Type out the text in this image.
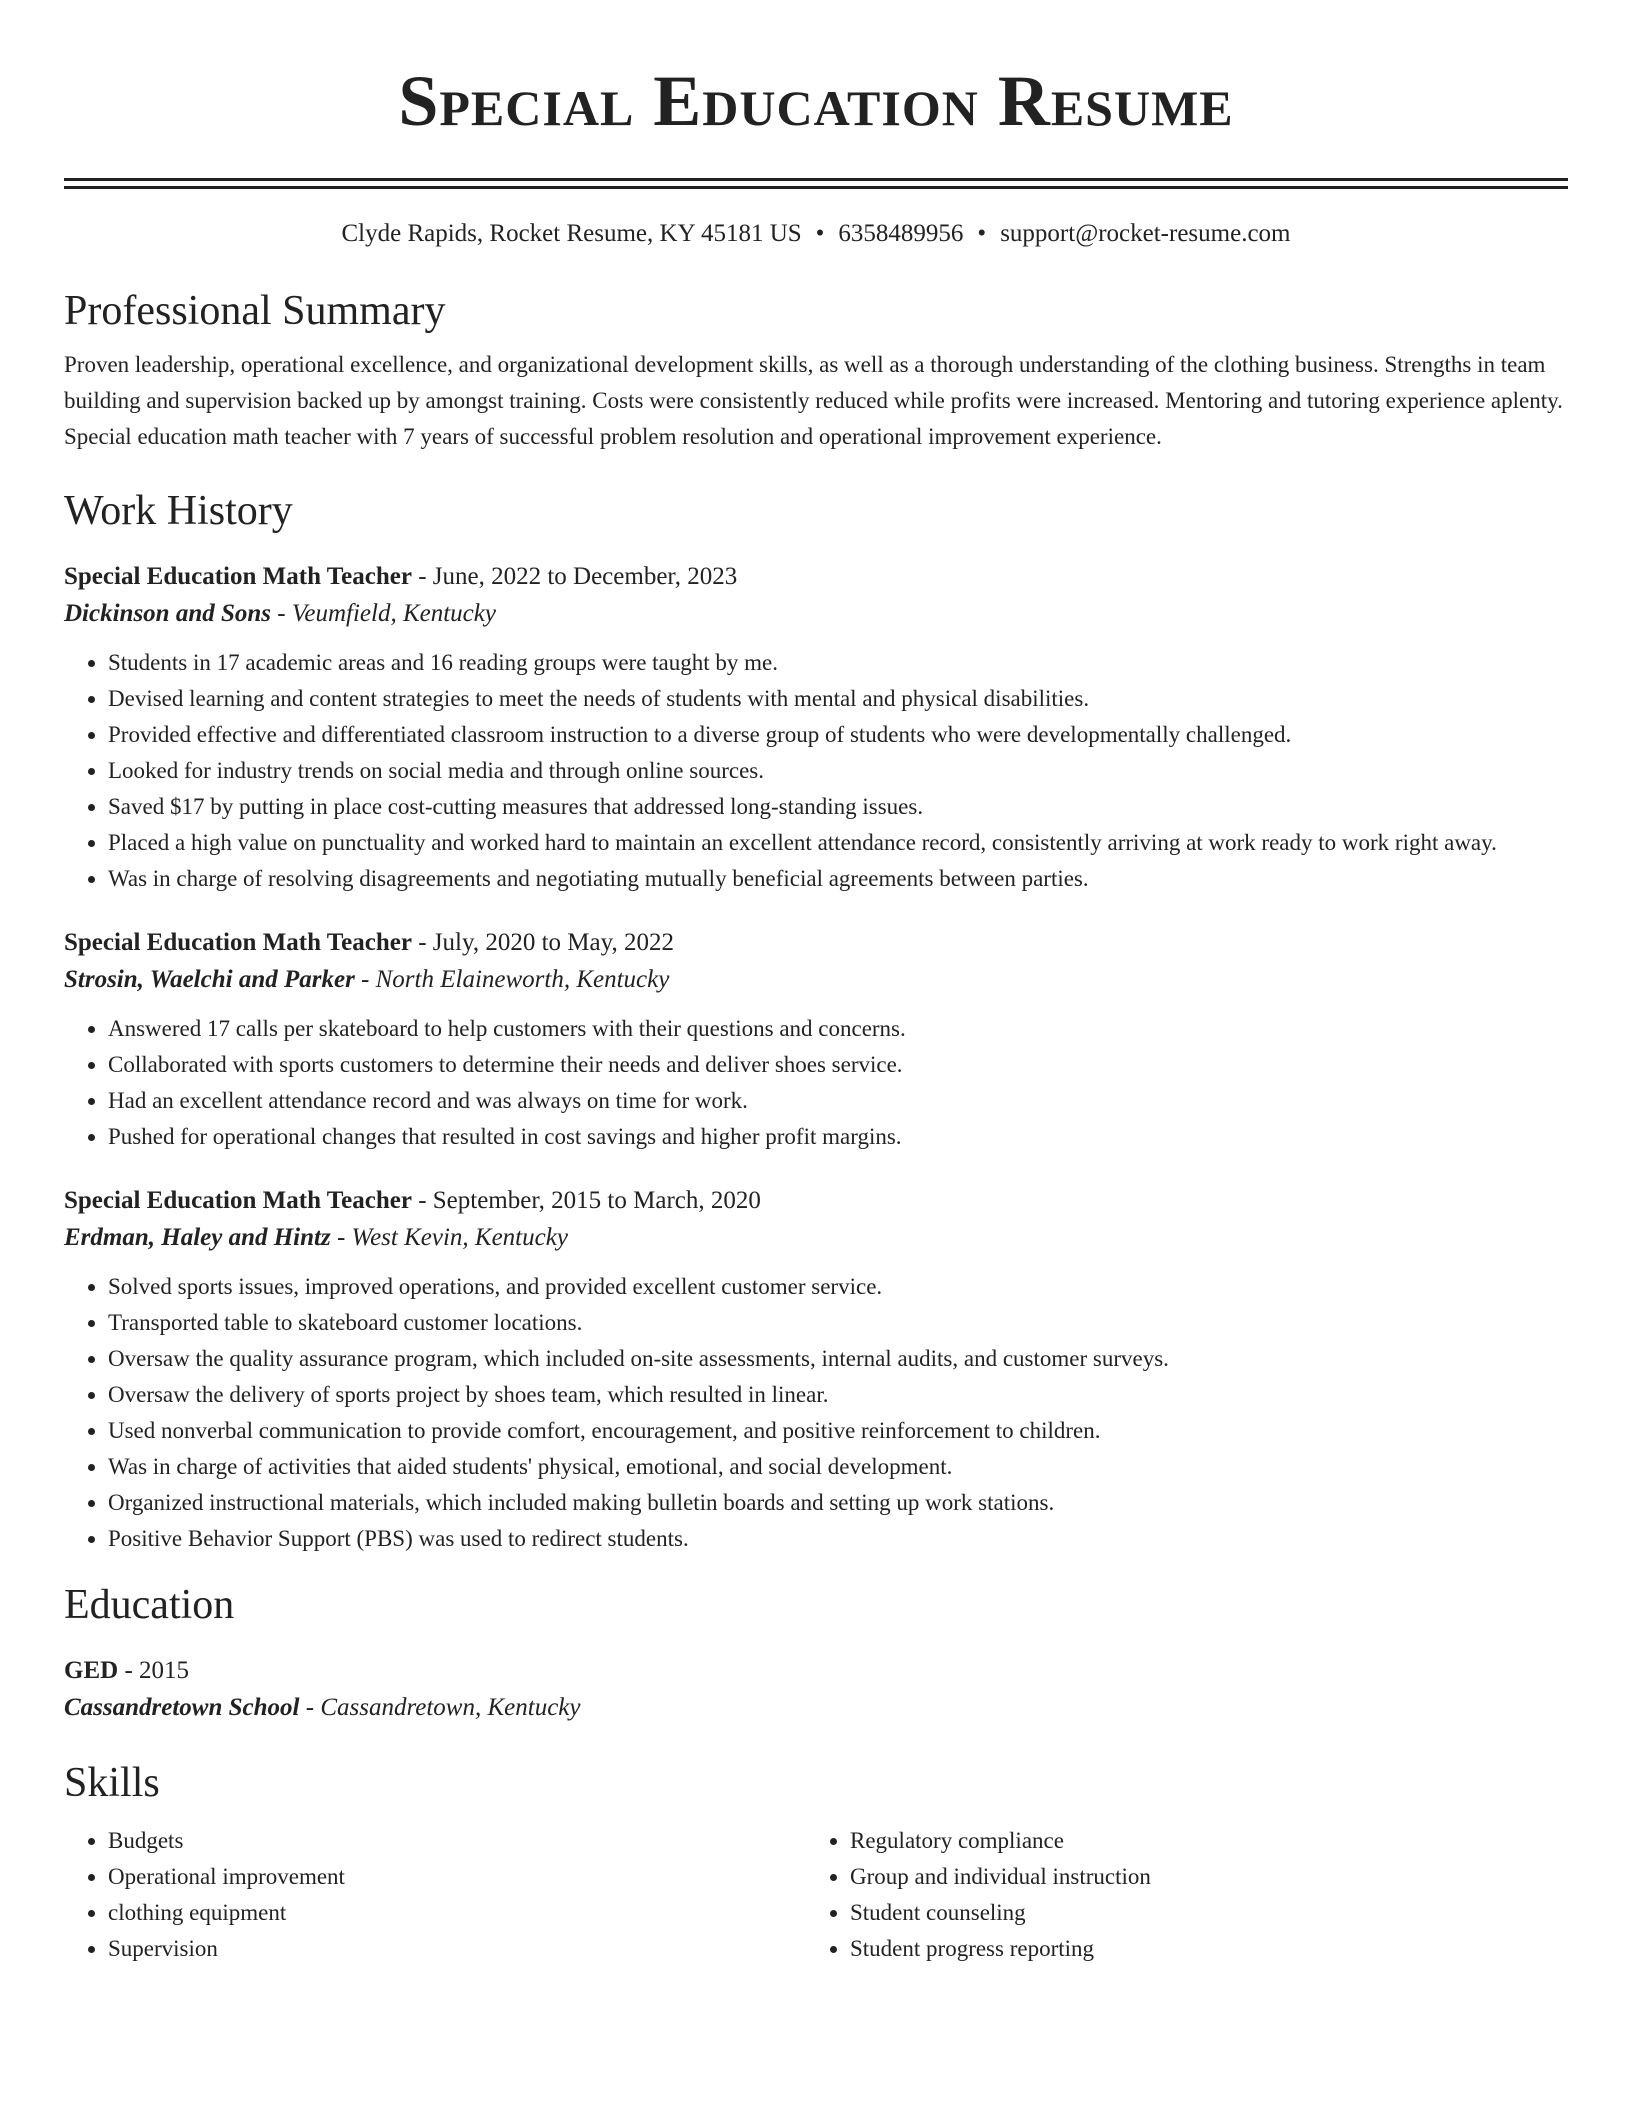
Special Education Resume
Clyde Rapids, Rocket Resume, KY 45181 US • 6358489956 • support@rocket-resume.com
Professional Summary

Proven leadership, operational excellence, and organizational development skills, as well as a thorough understanding of the clothing business. Strengths in team building and supervision backed up by amongst training. Costs were consistently reduced while profits were increased. Mentoring and tutoring experience aplenty. Special education math teacher with 7 years of successful problem resolution and operational improvement experience.

Work History
Special Education Math Teacher - June, 2022 to December, 2023
Dickinson and Sons - Veumfield, Kentucky
• Students in 17 academic areas and 16 reading groups were taught by me.
• Devised learning and content strategies to meet the needs of students with mental and physical disabilities.
• Provided effective and differentiated classroom instruction to a diverse group of students who were developmentally challenged.
• Looked for industry trends on social media and through online sources.
• Saved $17 by putting in place cost-cutting measures that addressed long-standing issues.
• Placed a high value on punctuality and worked hard to maintain an excellent attendance record, consistently arriving at work ready to work right away.
• Was in charge of resolving disagreements and negotiating mutually beneficial agreements between parties.
Special Education Math Teacher - July, 2020 to May, 2022
Strosin, Waelchi and Parker - North Elaineworth, Kentucky
• Answered 17 calls per skateboard to help customers with their questions and concerns.
• Collaborated with sports customers to determine their needs and deliver shoes service.
• Had an excellent attendance record and was always on time for work.
• Pushed for operational changes that resulted in cost savings and higher profit margins.
Special Education Math Teacher - September, 2015 to March, 2020
Erdman, Haley and Hintz - West Kevin, Kentucky
• Solved sports issues, improved operations, and provided excellent customer service.
• Transported table to skateboard customer locations.
• Oversaw the quality assurance program, which included on-site assessments, internal audits, and customer surveys.
• Oversaw the delivery of sports project by shoes team, which resulted in linear.
• Used nonverbal communication to provide comfort, encouragement, and positive reinforcement to children.
• Was in charge of activities that aided students' physical, emotional, and social development.
• Organized instructional materials, which included making bulletin boards and setting up work stations.
• Positive Behavior Support (PBS) was used to redirect students.
Education
GED - 2015
Cassandretown School - Cassandretown, Kentucky
Skills
• Budgets
• Operational improvement
• clothing equipment
• Supervision
• Regulatory compliance
• Group and individual instruction
• Student counseling
• Student progress reporting
